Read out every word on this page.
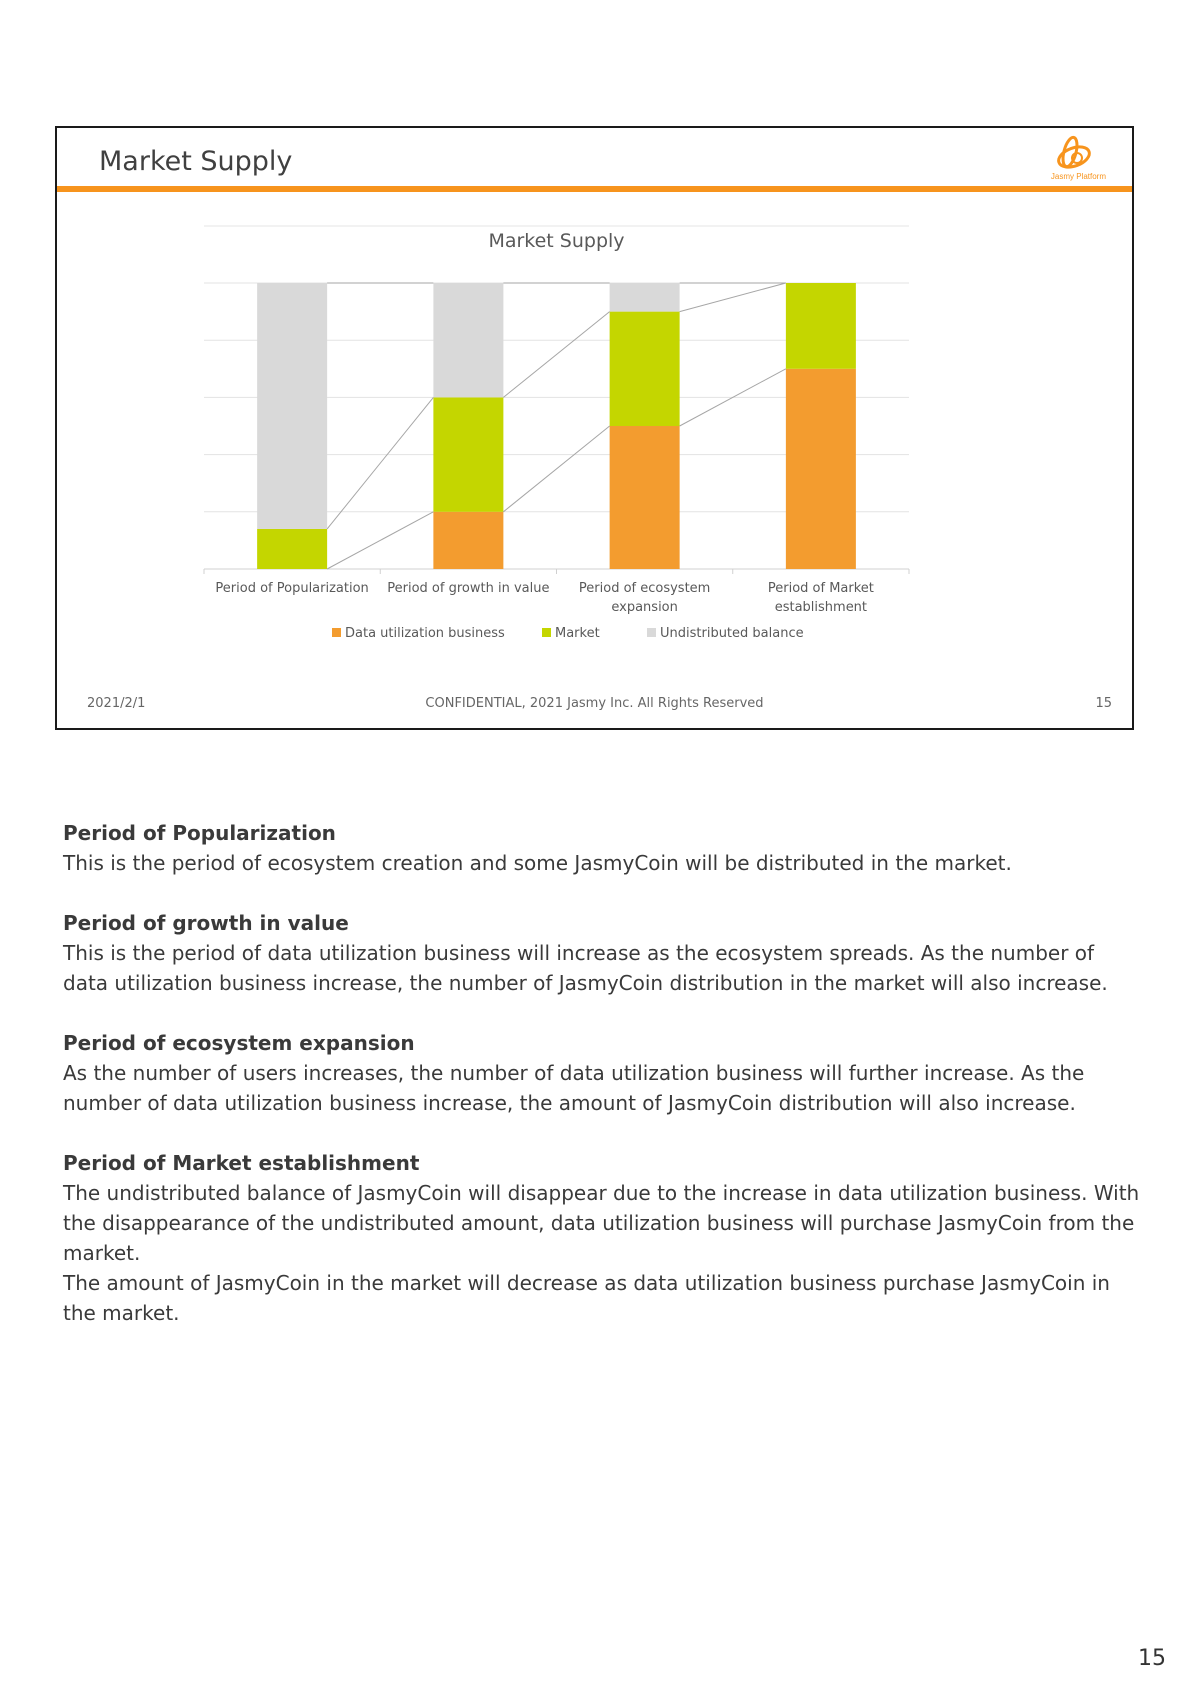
Market Supply	Jasmy Platform
Market Supply
Period of Popularization Period of growth in value Period of ecosystem
expansion
Period of Market
establishment
Data utilization business	Market	Undistributed balance
2021/2/1	CONFIDENTIAL, 2021 Jasmy Inc. All Rights Reserved	15
Period of Popularization

This is the period of ecosystem creation and some JasmyCoin will be distributed in the market.

Period of growth in value

This is the period of data utilization business will increase as the ecosystem spreads. As the number of data utilization business increase, the number of JasmyCoin distribution in the market will also increase.

Period of ecosystem expansion

As the number of users increases, the number of data utilization business will further increase. As the number of data utilization business increase, the amount of JasmyCoin distribution will also increase.

Period of Market establishment

The undistributed balance of JasmyCoin will disappear due to the increase in data utilization business. With the disappearance of the undistributed amount, data utilization business will purchase JasmyCoin from the market.

The amount of JasmyCoin in the market will decrease as data utilization business purchase JasmyCoin in the market.

15
